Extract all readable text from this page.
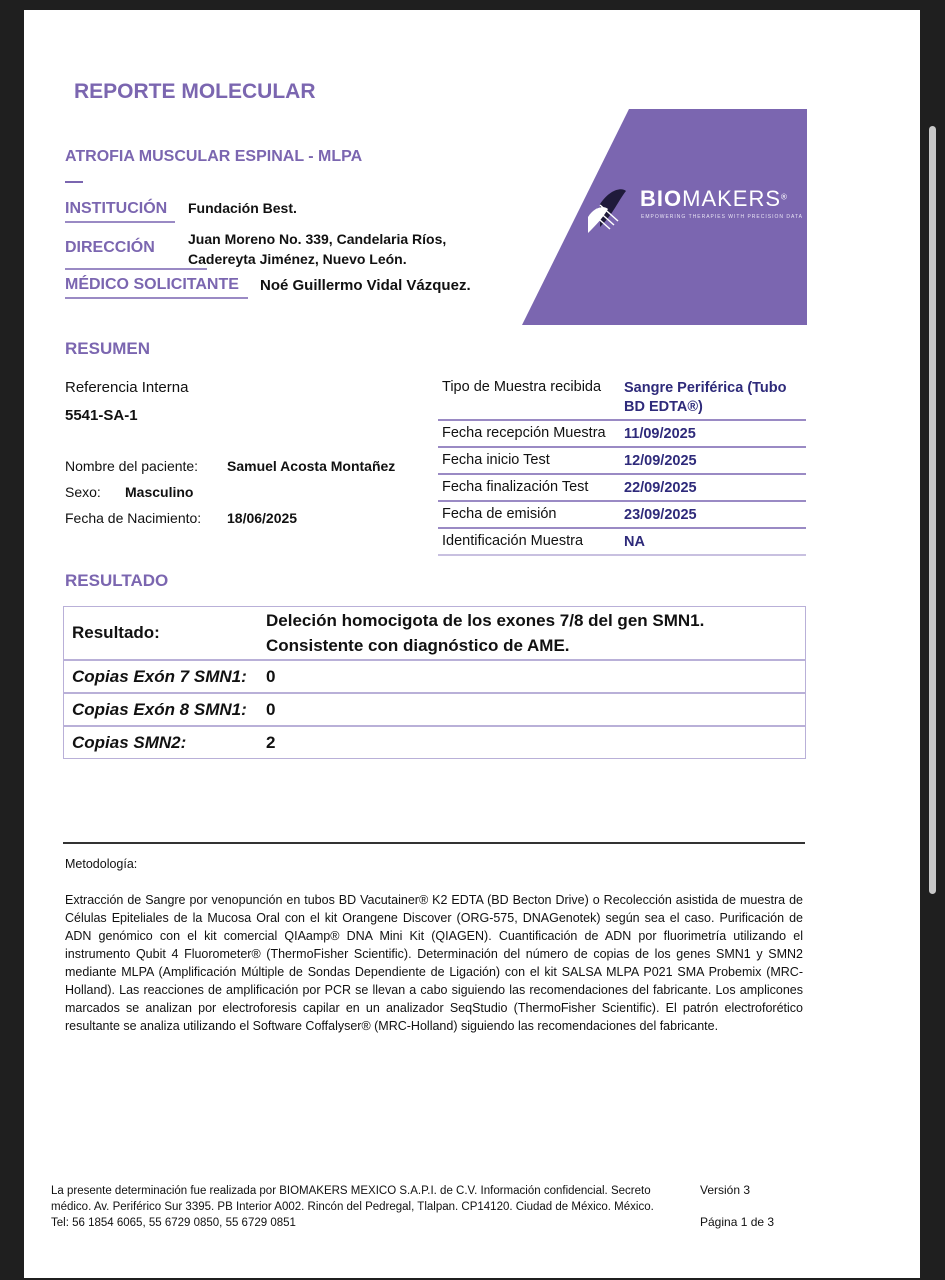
REPORTE MOLECULAR
ATROFIA MUSCULAR ESPINAL - MLPA
INSTITUCIÓN	Fundación Best.
DIRECCIÓN Juan Moreno No. 339, Candelaria Ríos,
Cadereyta Jiménez, Nuevo León.
MÉDICO SOLICITANTE	Noé Guillermo Vidal Vázquez.
BIOMAKERS®
EMPOWERING THERAPIES WITH PRECISION DATA
RESUMEN
Referencia Interna
5541-SA-1
Nombre del paciente: Samuel Acosta Montañez
Sexo: Masculino
Fecha de Nacimiento: 18/06/2025
Tipo de Muestra recibida	Sangre Periférica (Tubo BD EDTA®)
Fecha recepción Muestra	11/09/2025
Fecha inicio Test	12/09/2025
Fecha finalización Test	22/09/2025
Fecha de emisión	23/09/2025
Identificación Muestra	NA
RESULTADO
Resultado:
Deleción homocigota de los exones 7/8 del gen SMN1.
Consistente con diagnóstico de AME.
Copias Exón 7 SMN1:	0
Copias Exón 8 SMN1:	0
Copias SMN2:	2
Metodología:
Extracción de Sangre por venopunción en tubos BD Vacutainer® K2 EDTA (BD Becton Drive) o Recolección asistida de muestra de Células Epiteliales de la Mucosa Oral con el kit Orangene Discover (ORG-575, DNAGenotek) según sea el caso. Purificación de ADN genómico con el kit comercial QIAamp® DNA Mini Kit (QIAGEN). Cuantificación de ADN por fluorimetría utilizando el instrumento Qubit 4 Fluorometer® (ThermoFisher Scientific). Determinación del número de copias de los genes SMN1 y SMN2 mediante MLPA (Amplificación Múltiple de Sondas Dependiente de Ligación) con el kit SALSA MLPA P021 SMA Probemix (MRC-Holland). Las reacciones de amplificación por PCR se llevan a cabo siguiendo las recomendaciones del fabricante. Los amplicones marcados se analizan por electroforesis capilar en un analizador SeqStudio (ThermoFisher Scientific). El patrón electroforético resultante se analiza utilizando el Software Coffalyser® (MRC-Holland) siguiendo las recomendaciones del fabricante.
La presente determinación fue realizada por BIOMAKERS MEXICO S.A.P.I. de C.V. Información confidencial. Secreto
médico. Av. Periférico Sur 3395. PB Interior A002. Rincón del Pedregal, Tlalpan. CP14120. Ciudad de México. México.
Tel: 56 1854 6065, 55 6729 0850, 55 6729 0851
Versión 3
Página 1 de 3
